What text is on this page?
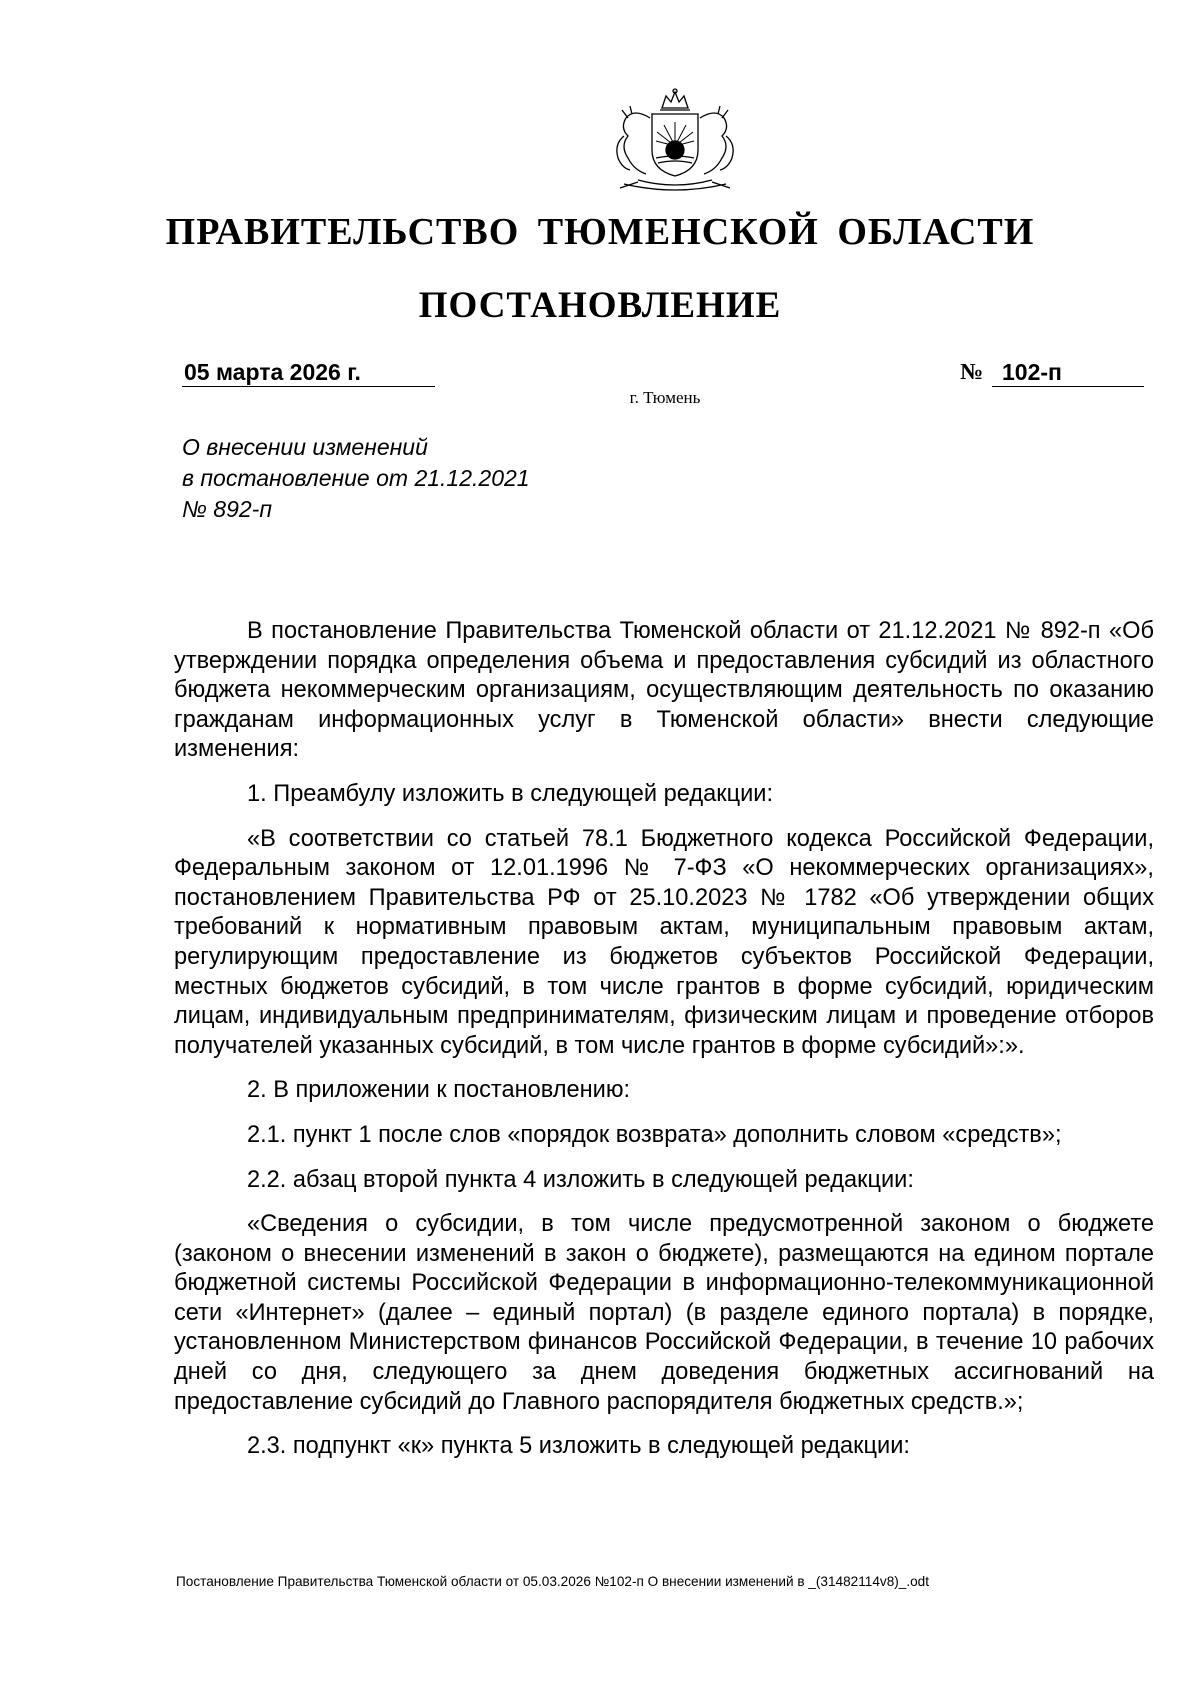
ПРАВИТЕЛЬСТВО ТЮМЕНСКОЙ ОБЛАСТИ
ПОСТАНОВЛЕНИЕ
05 марта 2026 г.	№ 102-п
г. Тюмень
О внесении изменений
в постановление от 21.12.2021
№ 892-п

В постановление Правительства Тюменской области от 21.12.2021 № 892-п «Об утверждении порядка определения объема и предоставления субсидий из областного бюджета некоммерческим организациям, осуществляющим деятельность по оказанию гражданам информационных услуг в Тюменской области» внести следующие изменения:

1. Преамбулу изложить в следующей редакции:

«В соответствии со статьей 78.1 Бюджетного кодекса Российской Федерации, Федеральным законом от 12.01.1996 № 7-ФЗ «О некоммерческих организациях», постановлением Правительства РФ от 25.10.2023 № 1782 «Об утверждении общих требований к нормативным правовым актам, муниципальным правовым актам, регулирующим предоставление из бюджетов субъектов Российской Федерации, местных бюджетов субсидий, в том числе грантов в форме субсидий, юридическим лицам, индивидуальным предпринимателям, физическим лицам и проведение отборов получателей указанных субсидий, в том числе грантов в форме субсидий»:».

2. В приложении к постановлению:

2.1. пункт 1 после слов «порядок возврата» дополнить словом «средств»;

2.2. абзац второй пункта 4 изложить в следующей редакции:

«Сведения о субсидии, в том числе предусмотренной законом о бюджете (законом о внесении изменений в закон о бюджете), размещаются на едином портале бюджетной системы Российской Федерации в информационно-телекоммуникационной сети «Интернет» (далее – единый портал) (в разделе единого портала) в порядке, установленном Министерством финансов Российской Федерации, в течение 10 рабочих дней со дня, следующего за днем доведения бюджетных ассигнований на предоставление субсидий до Главного распорядителя бюджетных средств.»;

2.3. подпункт «к» пункта 5 изложить в следующей редакции:

Постановление Правительства Тюменской области от 05.03.2026 №102-п О внесении изменений в _(31482114v8)_.odt
